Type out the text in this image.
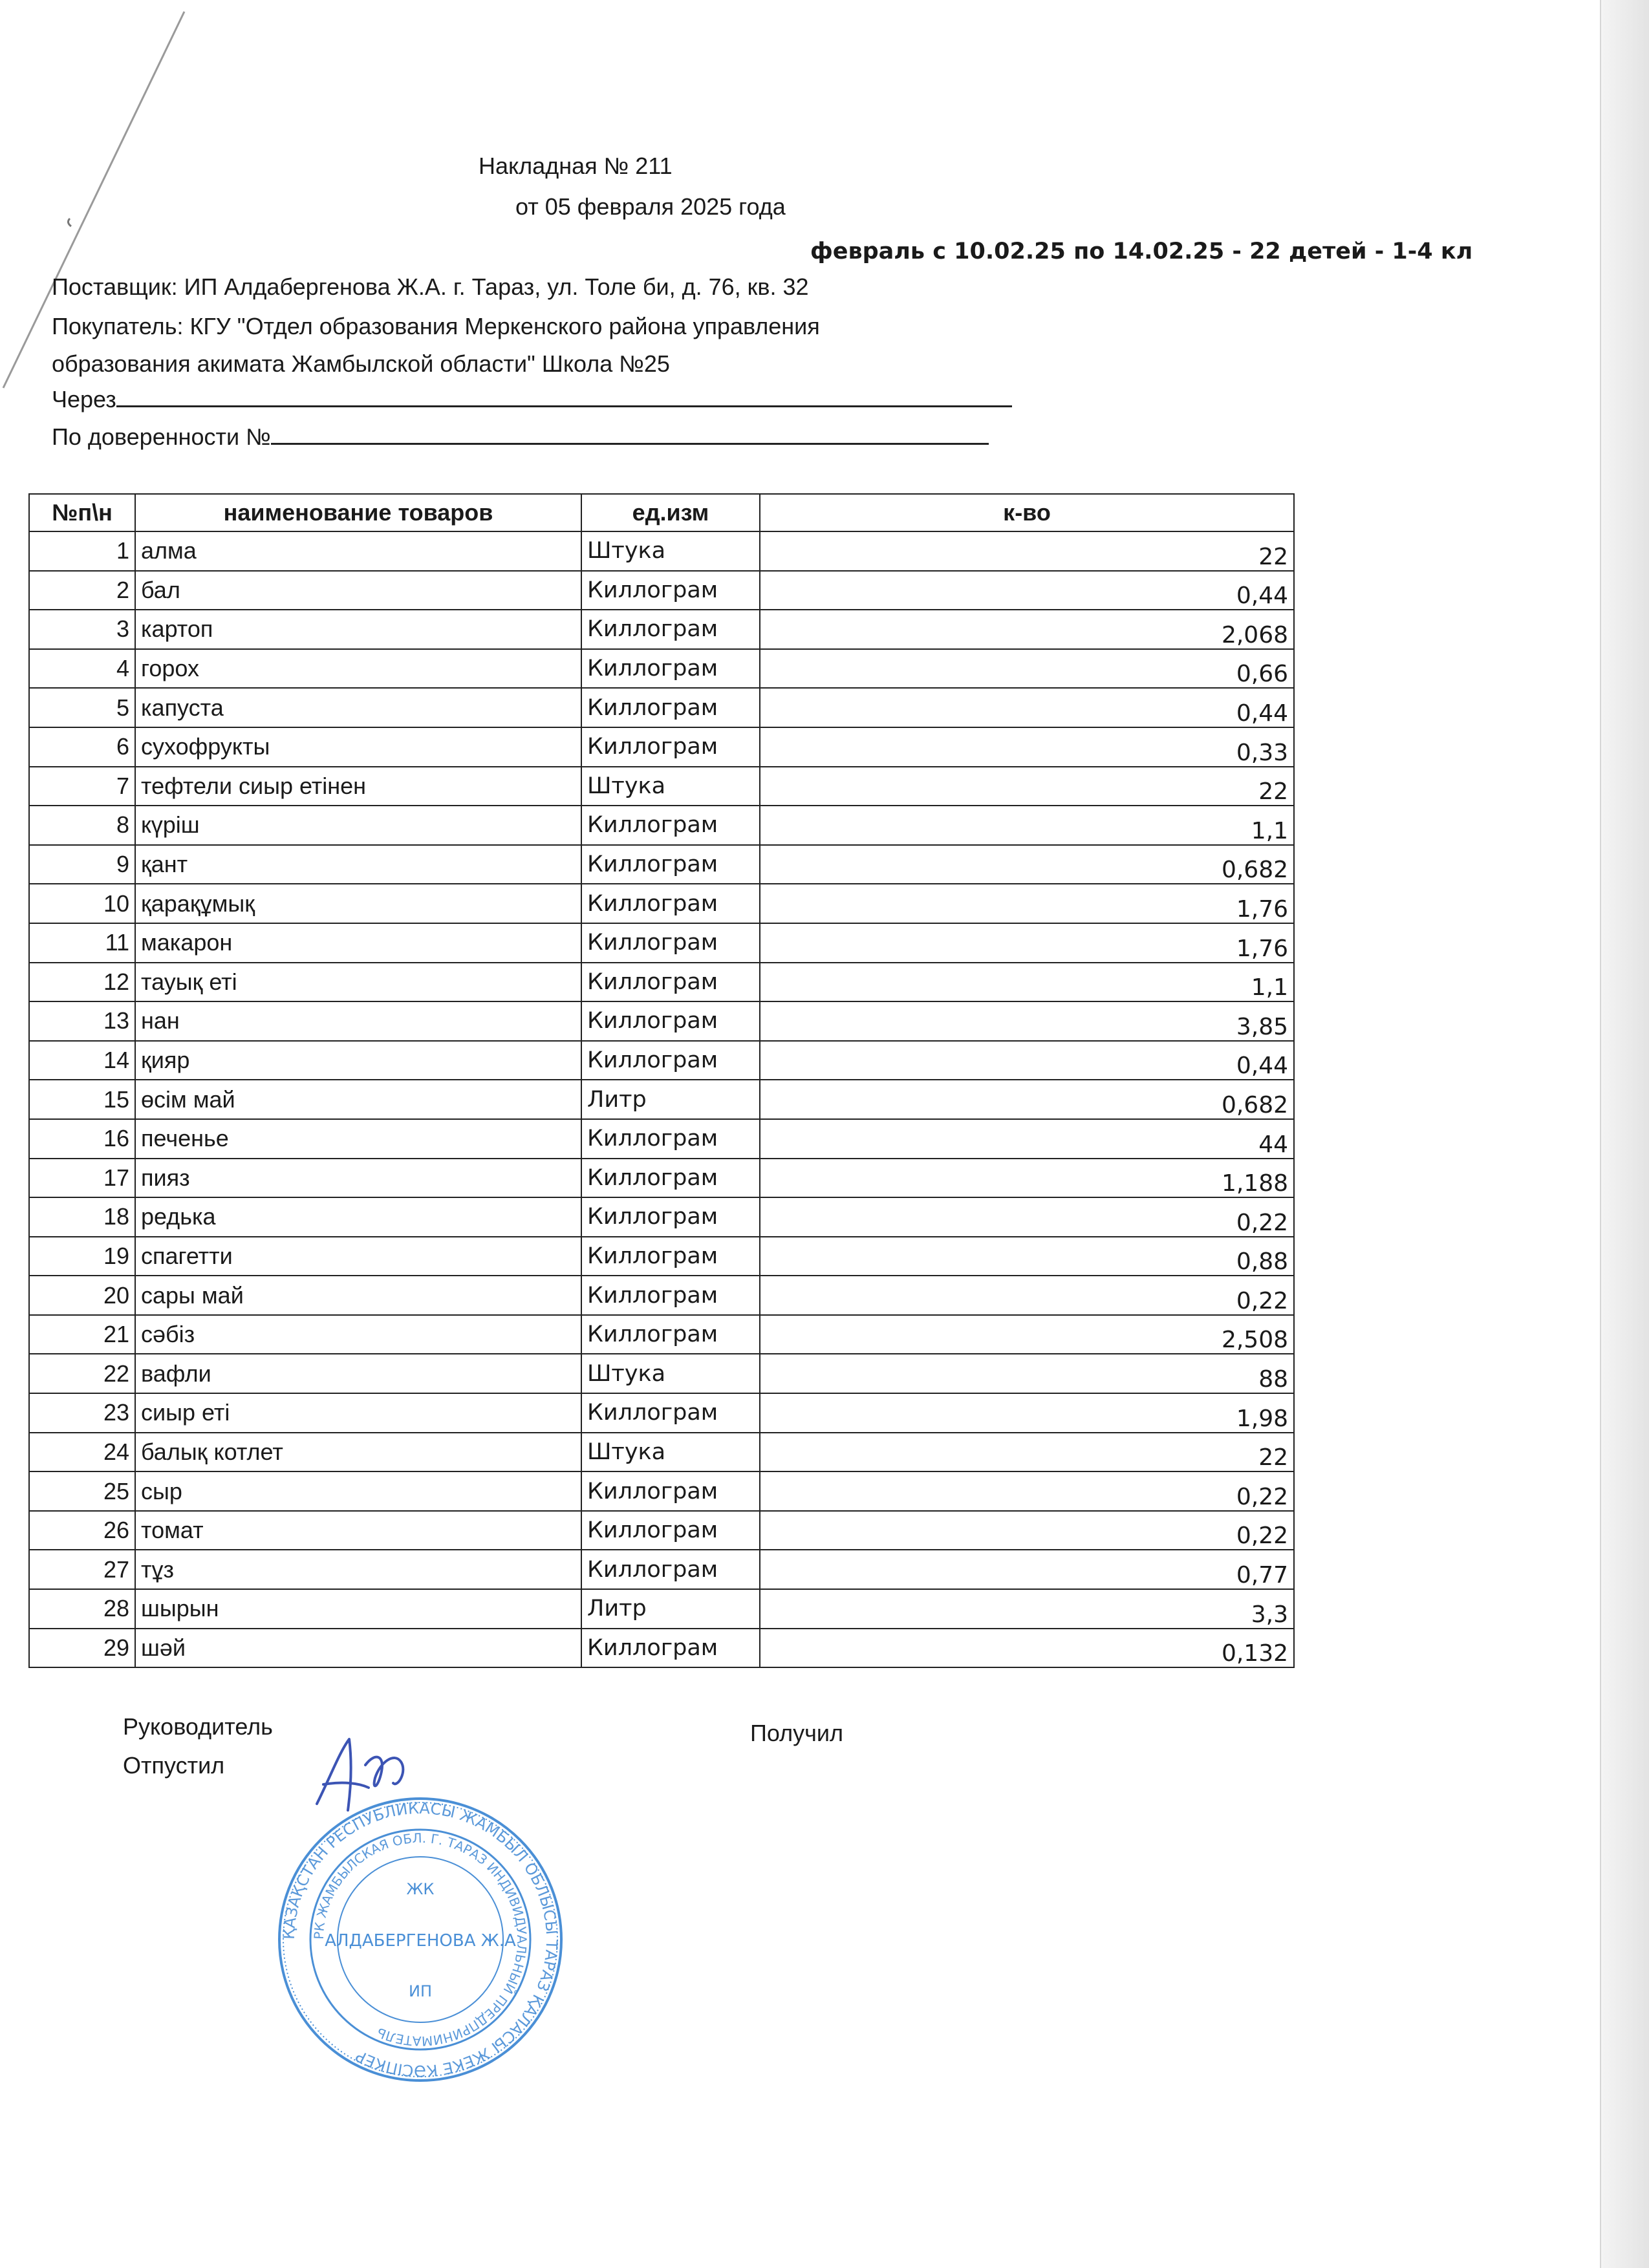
Накладная № 211
от 05 февраля 2025 года
февраль с 10.02.25 по 14.02.25 - 22 детей - 1-4 кл
Поставщик: ИП Алдабергенова Ж.А. г. Тараз, ул. Толе би, д. 76, кв. 32
Покупатель: КГУ "Отдел образования Меркенского района управления
образования акимата Жамбылской области" Школа №25
Через
По доверенности №
№п\н	наименование товаров	ед.изм	к-во
1	алма	Штука	22
2	бал	Киллограм	0,44
3	картоп	Киллограм	2,068
4	горох	Киллограм	0,66
5	капуста	Киллограм	0,44
6	сухофрукты	Киллограм	0,33
7	тефтели сиыр етінен	Штука	22
8	күріш	Киллограм	1,1
9	қант	Киллограм	0,682
10	қарақұмық	Киллограм	1,76
11	макарон	Киллограм	1,76
12	тауық еті	Киллограм	1,1
13	нан	Киллограм	3,85
14	қияр	Киллограм	0,44
15	өсім май	Литр	0,682
16	печенье	Киллограм	44
17	пияз	Киллограм	1,188
18	редька	Киллограм	0,22
19	спагетти	Киллограм	0,88
20	сары май	Киллограм	0,22
21	сәбіз	Киллограм	2,508
22	вафли	Штука	88
23	сиыр еті	Киллограм	1,98
24	балық котлет	Штука	22
25	сыр	Киллограм	0,22
26	томат	Киллограм	0,22
27	тұз	Киллограм	0,77
28	шырын	Литр	3,3
29	шәй	Киллограм	0,132
Руководитель
Отпустил
Получил
ҚАЗАҚСТАН РЕСПУБЛИКАСЫ ЖАМБЫЛ ОБЛЫСЫ ТАРАЗ ҚАЛАСЫ ЖЕКЕ КӘСІПКЕР
РК ЖАМБЫЛСКАЯ ОБЛ. Г. ТАРАЗ ИНДИВИДУАЛЬНЫЙ ПРЕДПРИНИМАТЕЛЬ
ЖК
АЛДАБЕРГЕНОВА Ж.А
ИП
